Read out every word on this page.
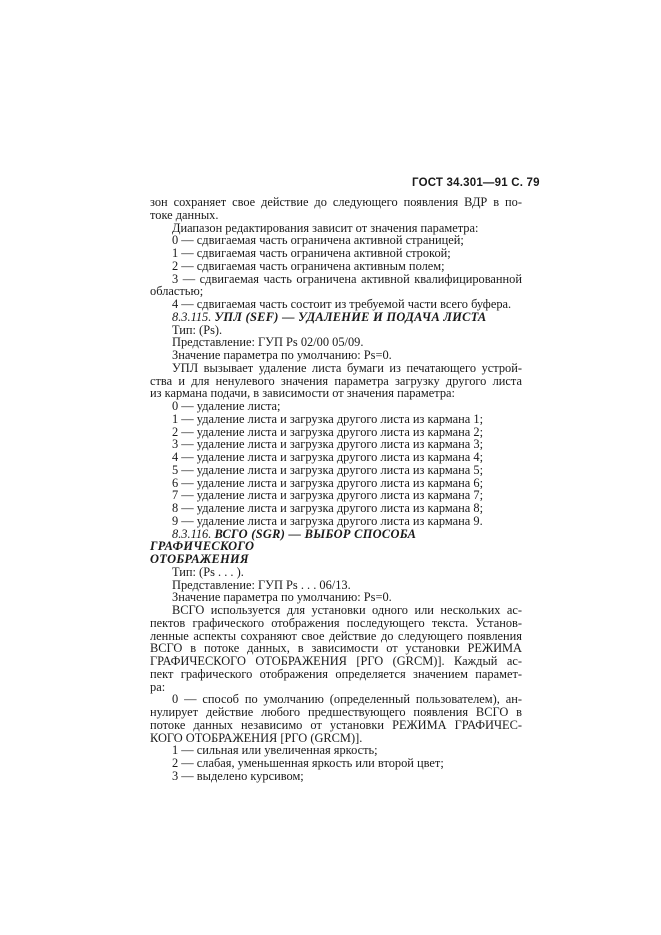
ГОСТ 34.301—91 С. 79

зон сохраняет свое действие до следующего появления ВДР в по-

токе данных.

Диапазон редактирования зависит от значения параметра:

0 — сдвигаемая часть ограничена активной страницей;

1 — сдвигаемая часть ограничена активной строкой;

2 — сдвигаемая часть ограничена активным полем;

3 — сдвигаемая часть ограничена активной квалифицированной

областью;

4 — сдвигаемая часть состоит из требуемой части всего буфера.

8.3.115. УПЛ (SEF) — УДАЛЕНИЕ И ПОДАЧА ЛИСТА

Тип: (Ps).

Представление: ГУП Ps 02/00 05/09.

Значение параметра по умолчанию: Ps=0.

УПЛ вызывает удаление листа бумаги из печатающего устрой-

ства и для ненулевого значения параметра загрузку другого листа

из кармана подачи, в зависимости от значения параметра:

0 — удаление листа;

1 — удаление листа и загрузка другого листа из кармана 1;

2 — удаление листа и загрузка другого листа из кармана 2;

3 — удаление листа и загрузка другого листа из кармана 3;

4 — удаление листа и загрузка другого листа из кармана 4;

5 — удаление листа и загрузка другого листа из кармана 5;

6 — удаление листа и загрузка другого листа из кармана 6;

7 — удаление листа и загрузка другого листа из кармана 7;

8 — удаление листа и загрузка другого листа из кармана 8;

9 — удаление листа и загрузка другого листа из кармана 9.

8.3.116. ВСГО (SGR) — ВЫБОР СПОСОБА ГРАФИЧЕСКОГО

ОТОБРАЖЕНИЯ

Тип: (Ps . . . ).

Представление: ГУП Ps . . . 06/13.

Значение параметра по умолчанию: Ps=0.

ВСГО используется для установки одного или нескольких ас-

пектов графического отображения последующего текста. Установ-

ленные аспекты сохраняют свое действие до следующего появления

ВСГО в потоке данных, в зависимости от установки РЕЖИМА

ГРАФИЧЕСКОГО ОТОБРАЖЕНИЯ [РГО (GRCM)]. Каждый ас-

пект графического отображения определяется значением парамет-

ра:

0 — способ по умолчанию (определенный пользователем), ан-

нулирует действие любого предшествующего появления ВСГО в

потоке данных независимо от установки РЕЖИМА ГРАФИЧЕС-

КОГО ОТОБРАЖЕНИЯ [РГО (GRCM)].

1 — сильная или увеличенная яркость;

2 — слабая, уменьшенная яркость или второй цвет;

3 — выделено курсивом;
